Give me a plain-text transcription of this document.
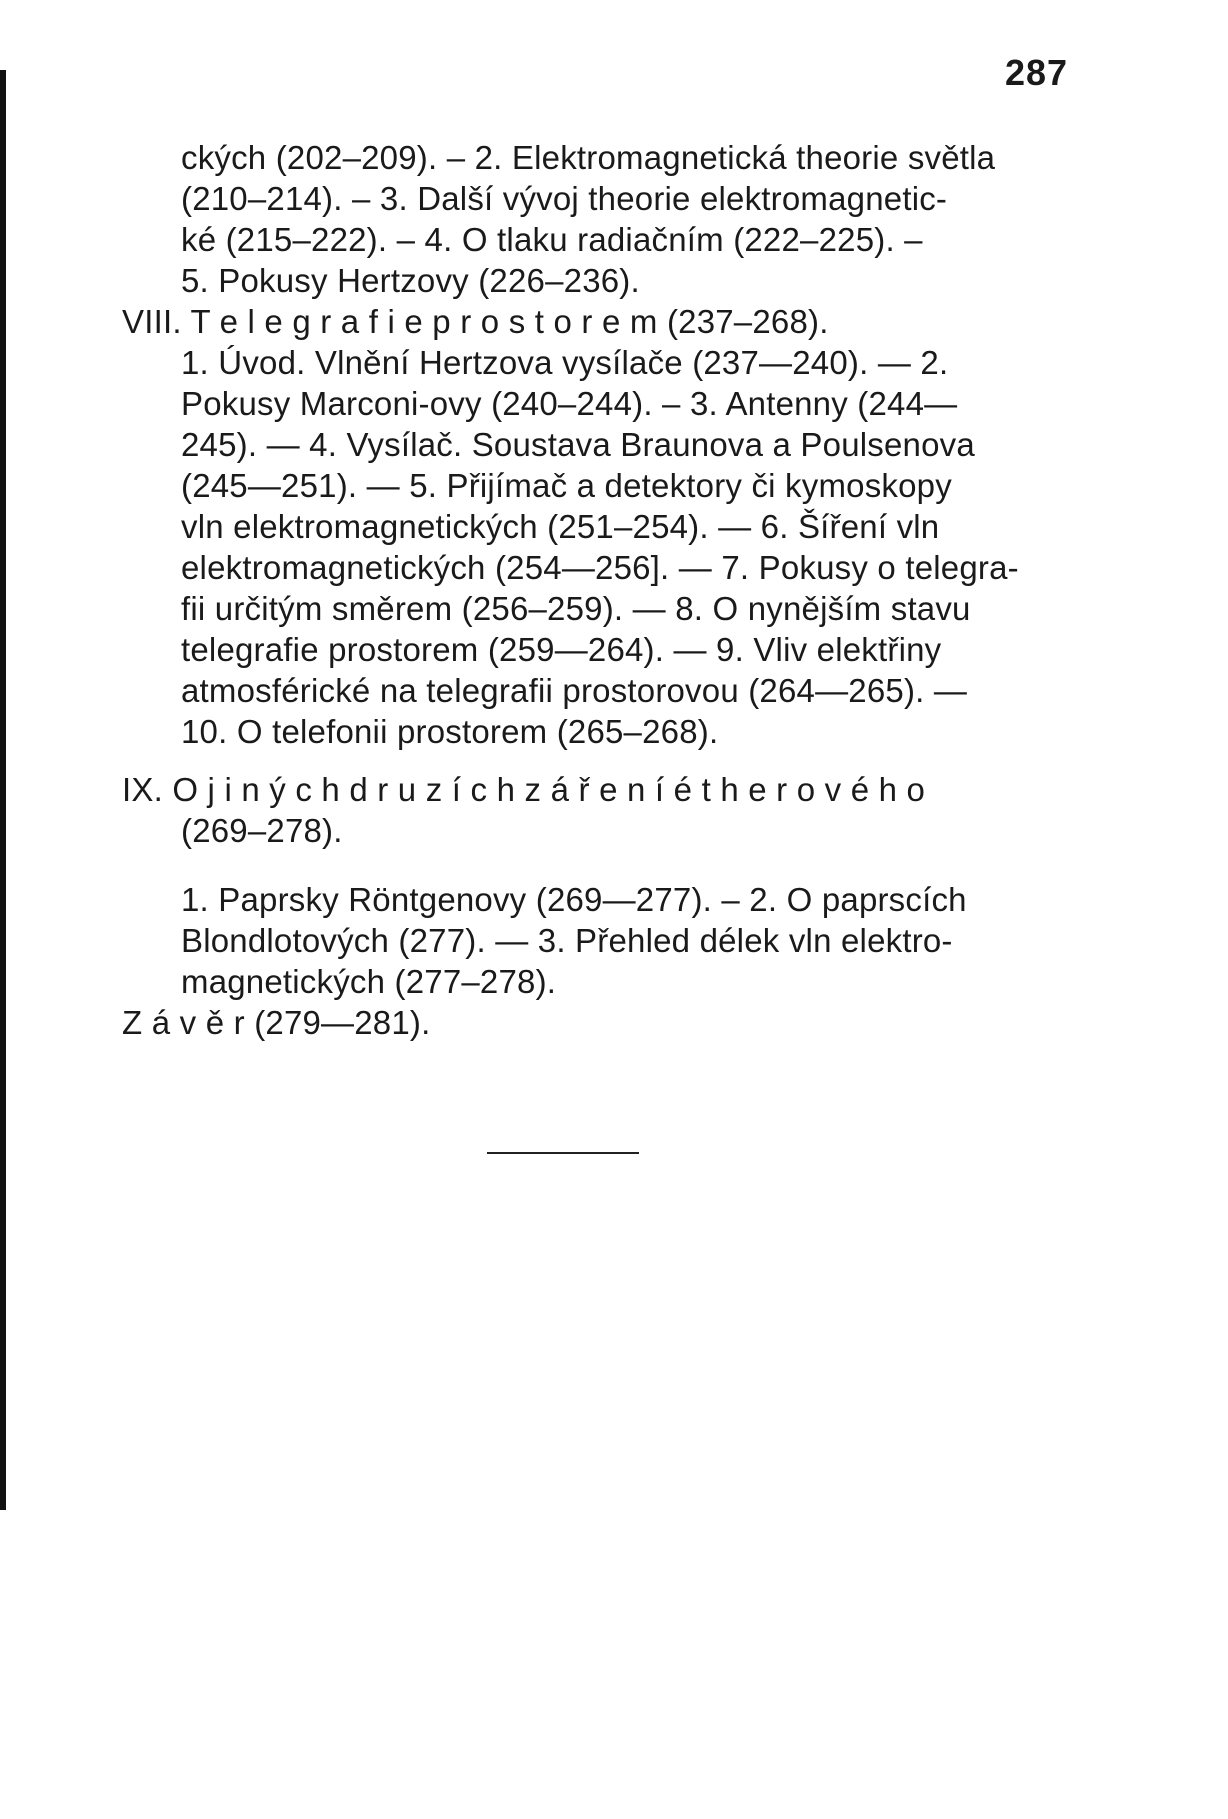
287
ckých (202–209). – 2. Elektromagnetická theorie světla
(210–214). – 3. Další vývoj theorie elektromagnetic-
ké (215–222). – 4. O tlaku radiačním (222–225). –
5. Pokusy Hertzovy (226–236).
VIII. T e l e g r a f i e p r o s t o r e m (237–268).
1. Úvod. Vlnění Hertzova vysílače (237—240). — 2.
Pokusy Marconi-ovy (240–244). – 3. Antenny (244—
245). — 4. Vysílač. Soustava Braunova a Poulsenova
(245—251). — 5. Přijímač a detektory či kymoskopy
vln elektromagnetických (251–254). — 6. Šíření vln
elektromagnetických (254—256]. — 7. Pokusy o telegra-
fii určitým směrem (256–259). — 8. O nynějším stavu
telegrafie prostorem (259—264). — 9. Vliv elektřiny
atmosférické na telegrafii prostorovou (264—265). —
10. O telefonii prostorem (265–268).
IX. O j i n ý c h d r u z í c h z á ř e n í é t h e r o v é h o
(269–278).
1. Paprsky Röntgenovy (269—277). – 2. O paprscích
Blondlotových (277). — 3. Přehled délek vln elektro-
magnetických (277–278).
Z á v ě r (279—281).
